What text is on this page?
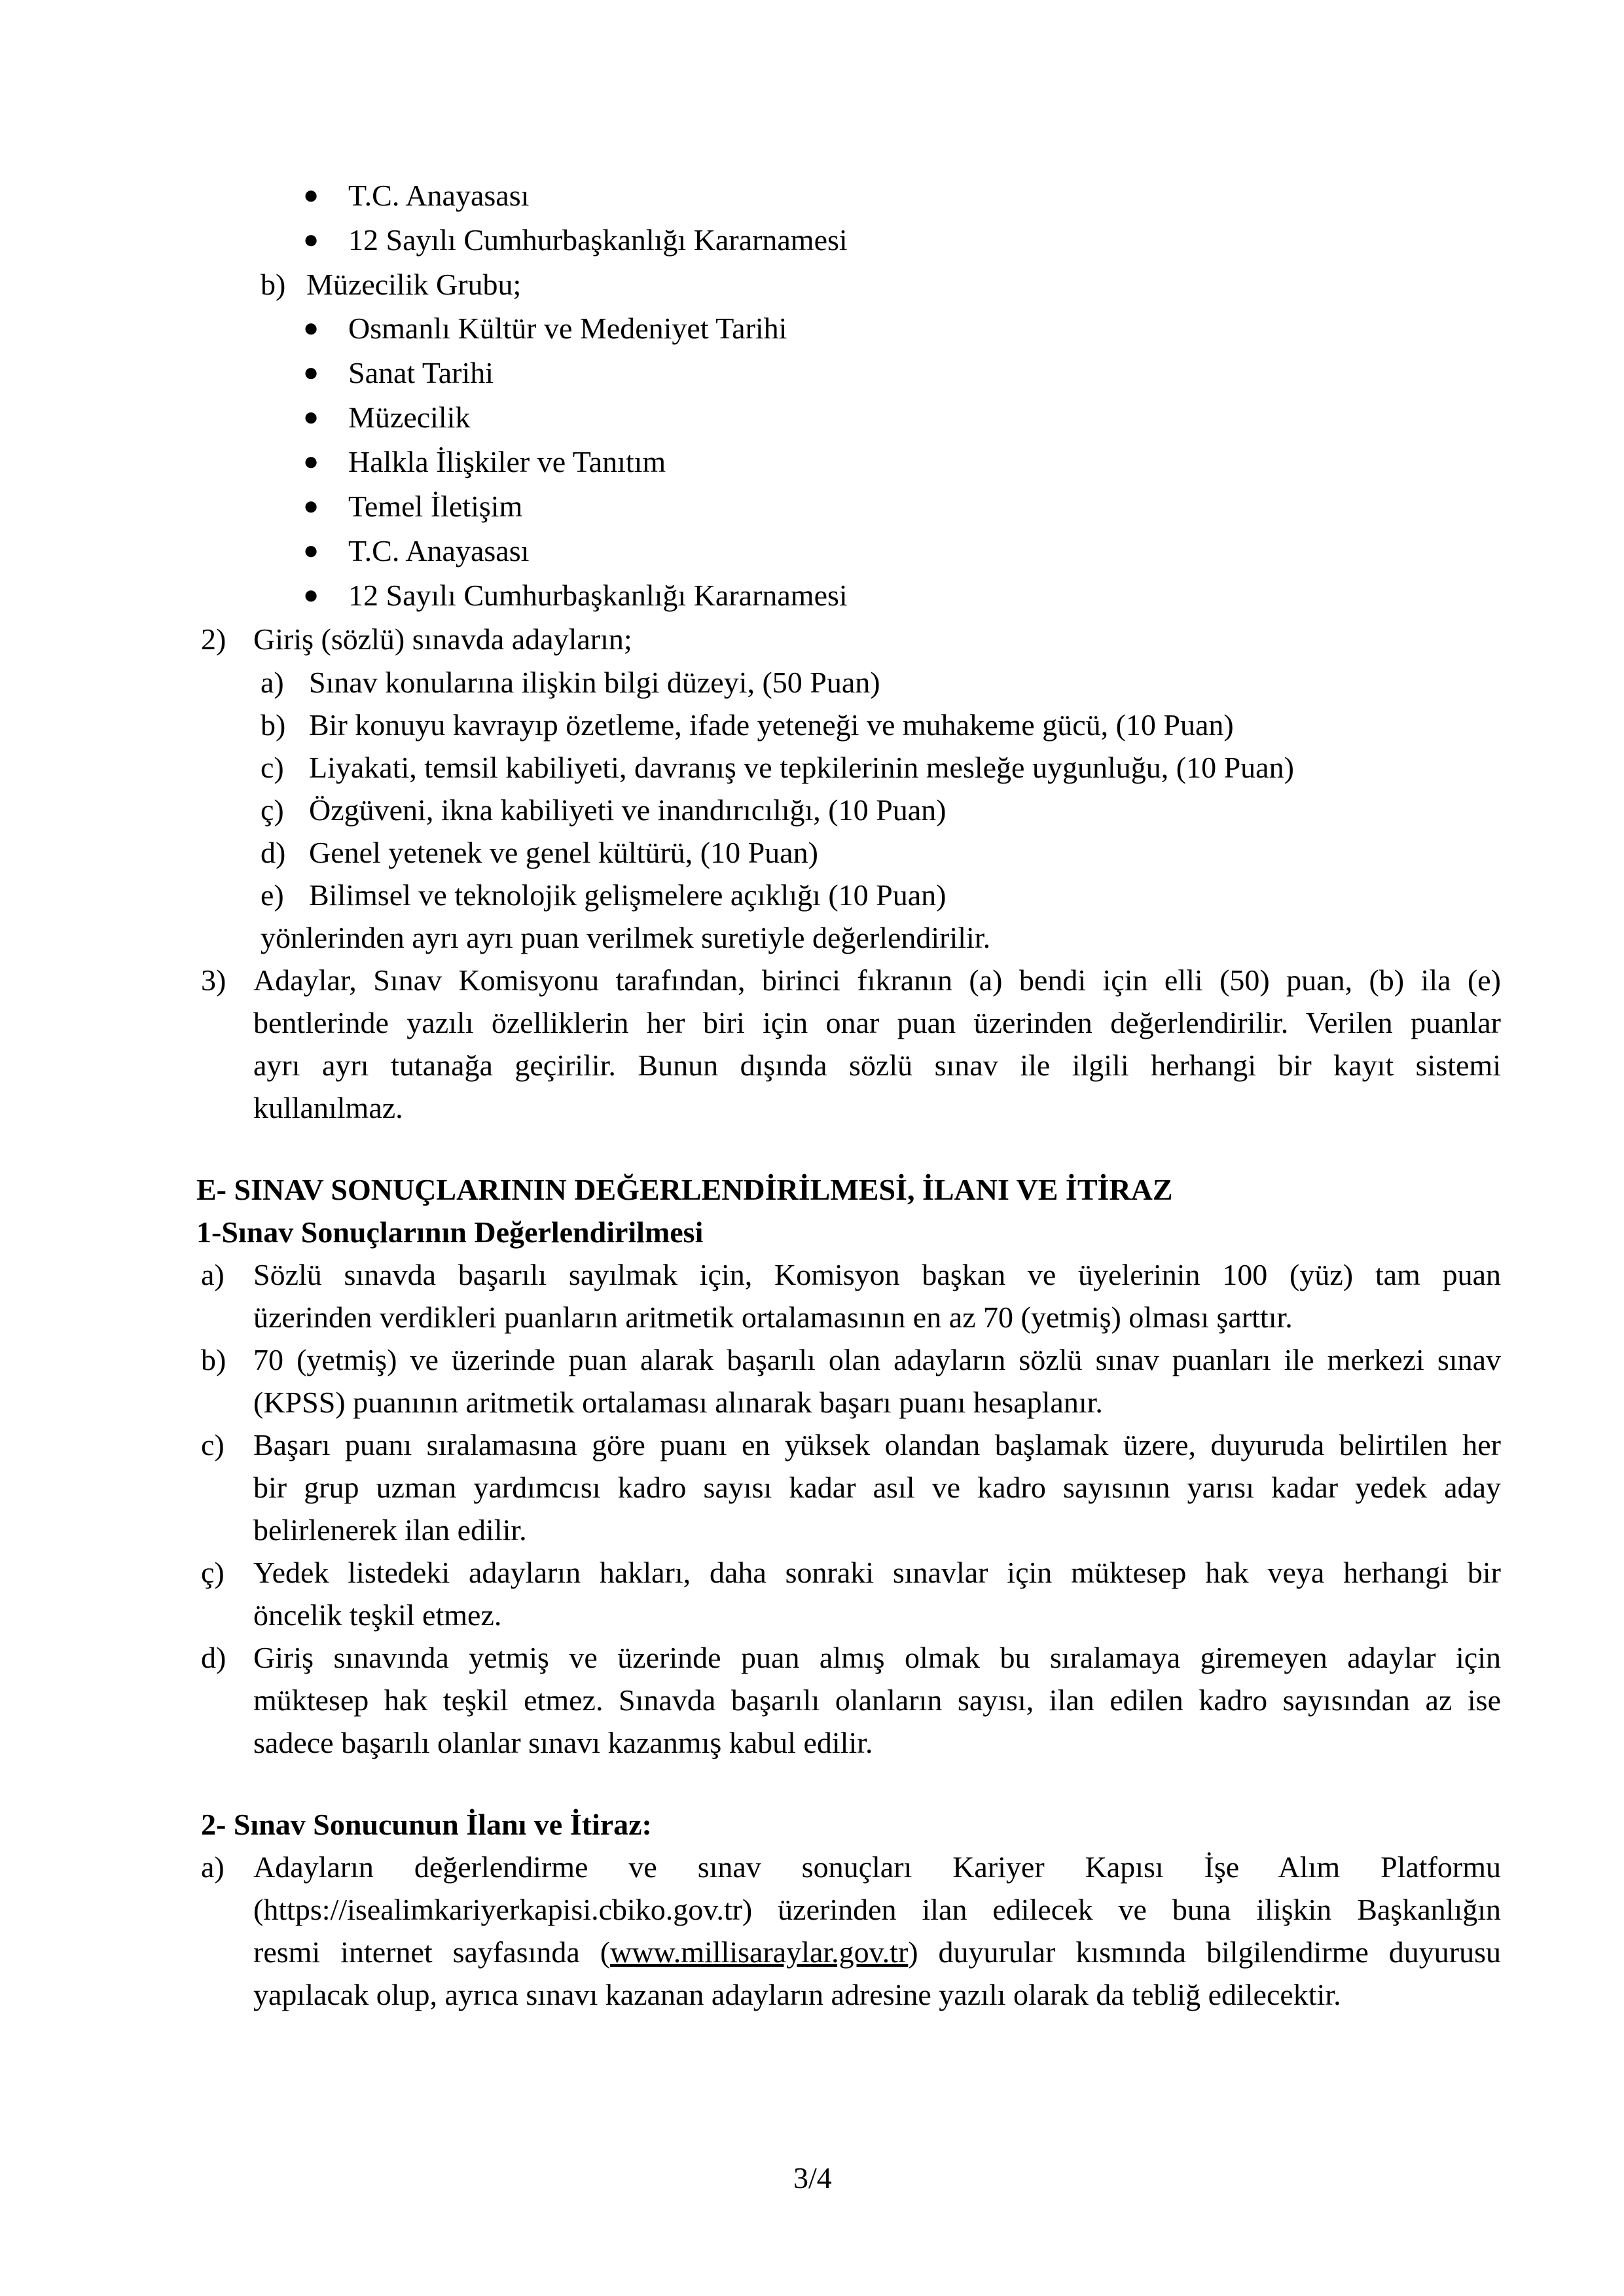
● T.C. Anayasası
● 12 Sayılı Cumhurbaşkanlığı Kararnamesi
b) Müzecilik Grubu;
● Osmanlı Kültür ve Medeniyet Tarihi
● Sanat Tarihi
● Müzecilik
● Halkla İlişkiler ve Tanıtım
● Temel İletişim
● T.C. Anayasası
● 12 Sayılı Cumhurbaşkanlığı Kararnamesi
2) Giriş (sözlü) sınavda adayların;
a) Sınav konularına ilişkin bilgi düzeyi, (50 Puan)
b) Bir konuyu kavrayıp özetleme, ifade yeteneği ve muhakeme gücü, (10 Puan)
c) Liyakati, temsil kabiliyeti, davranış ve tepkilerinin mesleğe uygunluğu, (10 Puan)
ç) Özgüveni, ikna kabiliyeti ve inandırıcılığı, (10 Puan)
d) Genel yetenek ve genel kültürü, (10 Puan)
e) Bilimsel ve teknolojik gelişmelere açıklığı (10 Puan)
yönlerinden ayrı ayrı puan verilmek suretiyle değerlendirilir.
3) Adaylar, Sınav Komisyonu tarafından, birinci fıkranın (a) bendi için elli (50) puan, (b) ila (e)
bentlerinde yazılı özelliklerin her biri için onar puan üzerinden değerlendirilir. Verilen puanlar
ayrı ayrı tutanağa geçirilir. Bunun dışında sözlü sınav ile ilgili herhangi bir kayıt sistemi
kullanılmaz.
E- SINAV SONUÇLARININ DEĞERLENDİRİLMESİ, İLANI VE İTİRAZ
1-Sınav Sonuçlarının Değerlendirilmesi
a) Sözlü sınavda başarılı sayılmak için, Komisyon başkan ve üyelerinin 100 (yüz) tam puan
üzerinden verdikleri puanların aritmetik ortalamasının en az 70 (yetmiş) olması şarttır.
b) 70 (yetmiş) ve üzerinde puan alarak başarılı olan adayların sözlü sınav puanları ile merkezi sınav
(KPSS) puanının aritmetik ortalaması alınarak başarı puanı hesaplanır.
c) Başarı puanı sıralamasına göre puanı en yüksek olandan başlamak üzere, duyuruda belirtilen her
bir grup uzman yardımcısı kadro sayısı kadar asıl ve kadro sayısının yarısı kadar yedek aday
belirlenerek ilan edilir.
ç) Yedek listedeki adayların hakları, daha sonraki sınavlar için müktesep hak veya herhangi bir
öncelik teşkil etmez.
d) Giriş sınavında yetmiş ve üzerinde puan almış olmak bu sıralamaya giremeyen adaylar için
müktesep hak teşkil etmez. Sınavda başarılı olanların sayısı, ilan edilen kadro sayısından az ise
sadece başarılı olanlar sınavı kazanmış kabul edilir.
2- Sınav Sonucunun İlanı ve İtiraz:
a) Adayların değerlendirme ve sınav sonuçları Kariyer Kapısı İşe Alım Platformu
(https://isealimkariyerkapisi.cbiko.gov.tr) üzerinden ilan edilecek ve buna ilişkin Başkanlığın
resmi internet sayfasında (www.millisaraylar.gov.tr) duyurular kısmında bilgilendirme duyurusu
yapılacak olup, ayrıca sınavı kazanan adayların adresine yazılı olarak da tebliğ edilecektir.
3/4
